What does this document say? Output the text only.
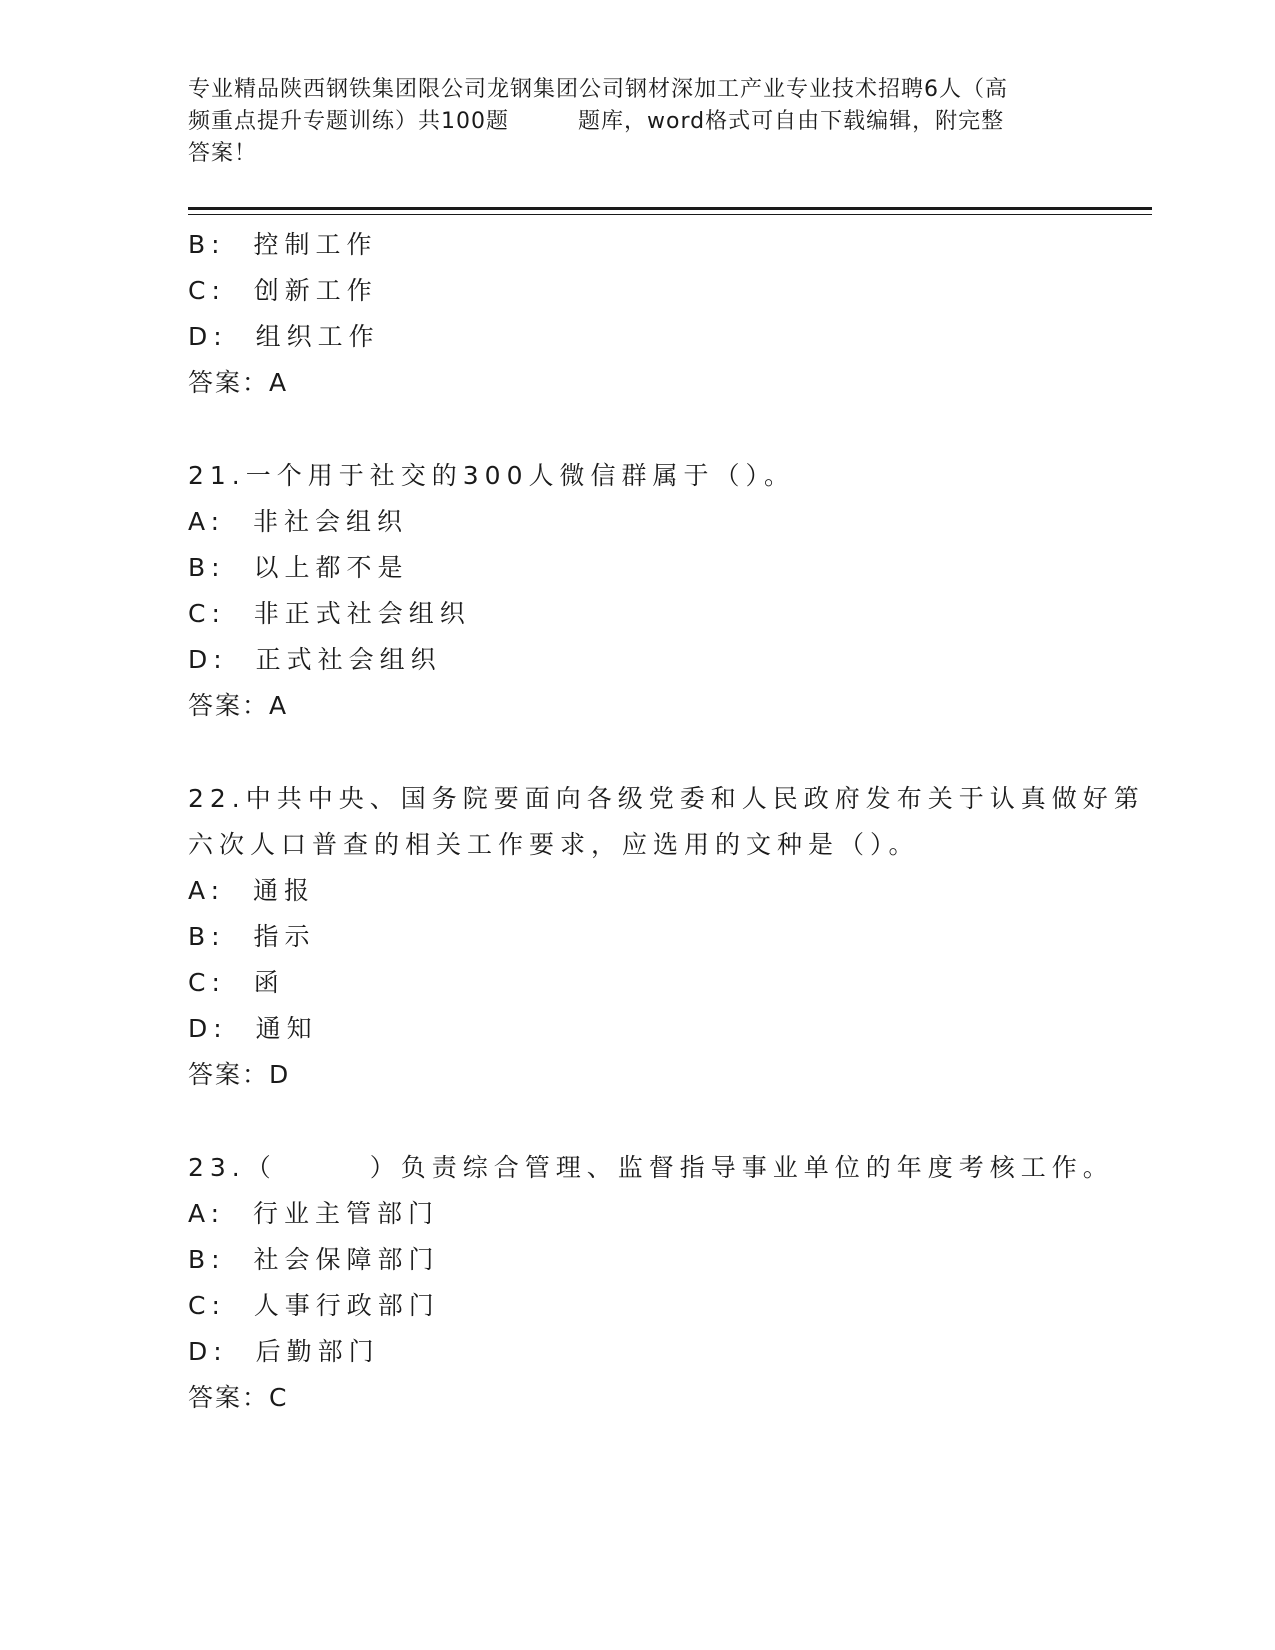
专业精品陕西钢铁集团限公司龙钢集团公司钢材深加工产业专业技术招聘6人（高
频重点提升专题训练）共100题　　　题库，word格式可自由下载编辑，附完整
答案！
B:  控制工作
C:  创新工作
D:  组织工作
答案：A
21.一个用于社交的300人微信群属于（）。
A:  非社会组织
B:  以上都不是
C:  非正式社会组织
D:  正式社会组织
答案：A
22.中共中央、国务院要面向各级党委和人民政府发布关于认真做好第
六次人口普查的相关工作要求，应选用的文种是（）。
A:  通报
B:  指示
C:  函
D:  通知
答案：D
23.（　　　）负责综合管理、监督指导事业单位的年度考核工作。
A:  行业主管部门
B:  社会保障部门
C:  人事行政部门
D:  后勤部门
答案：C
